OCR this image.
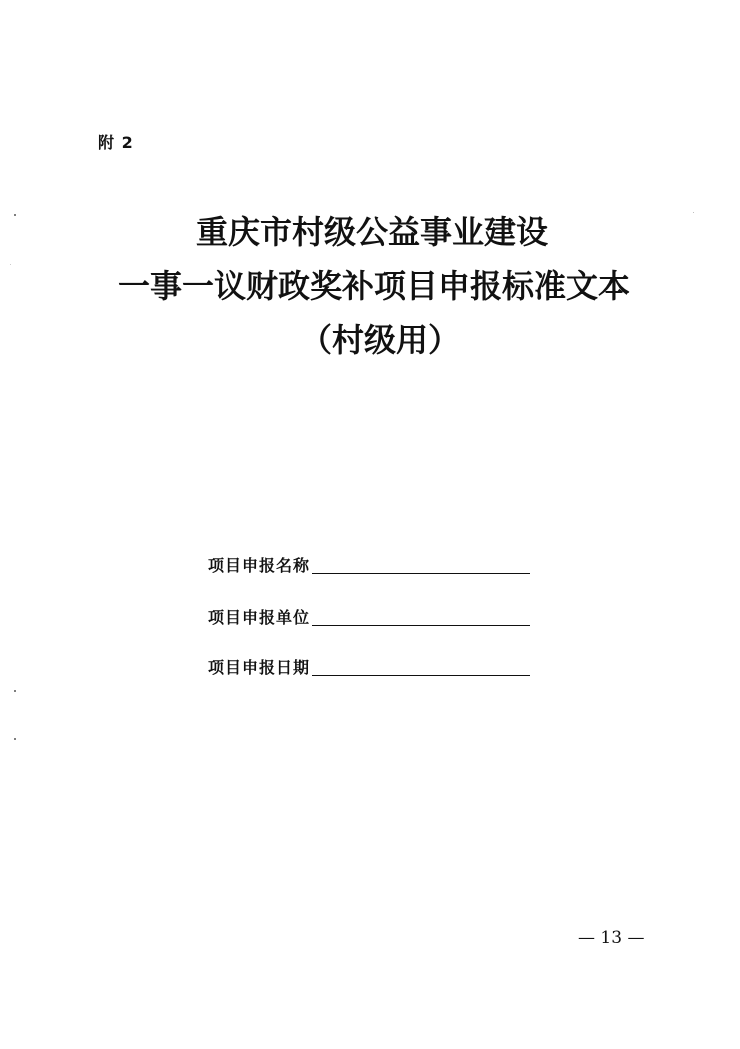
附 2
重庆市村级公益事业建设
一事一议财政奖补项目申报标准文本
（村级用）
项目申报名称
项目申报单位
项目申报日期
— 13 —
